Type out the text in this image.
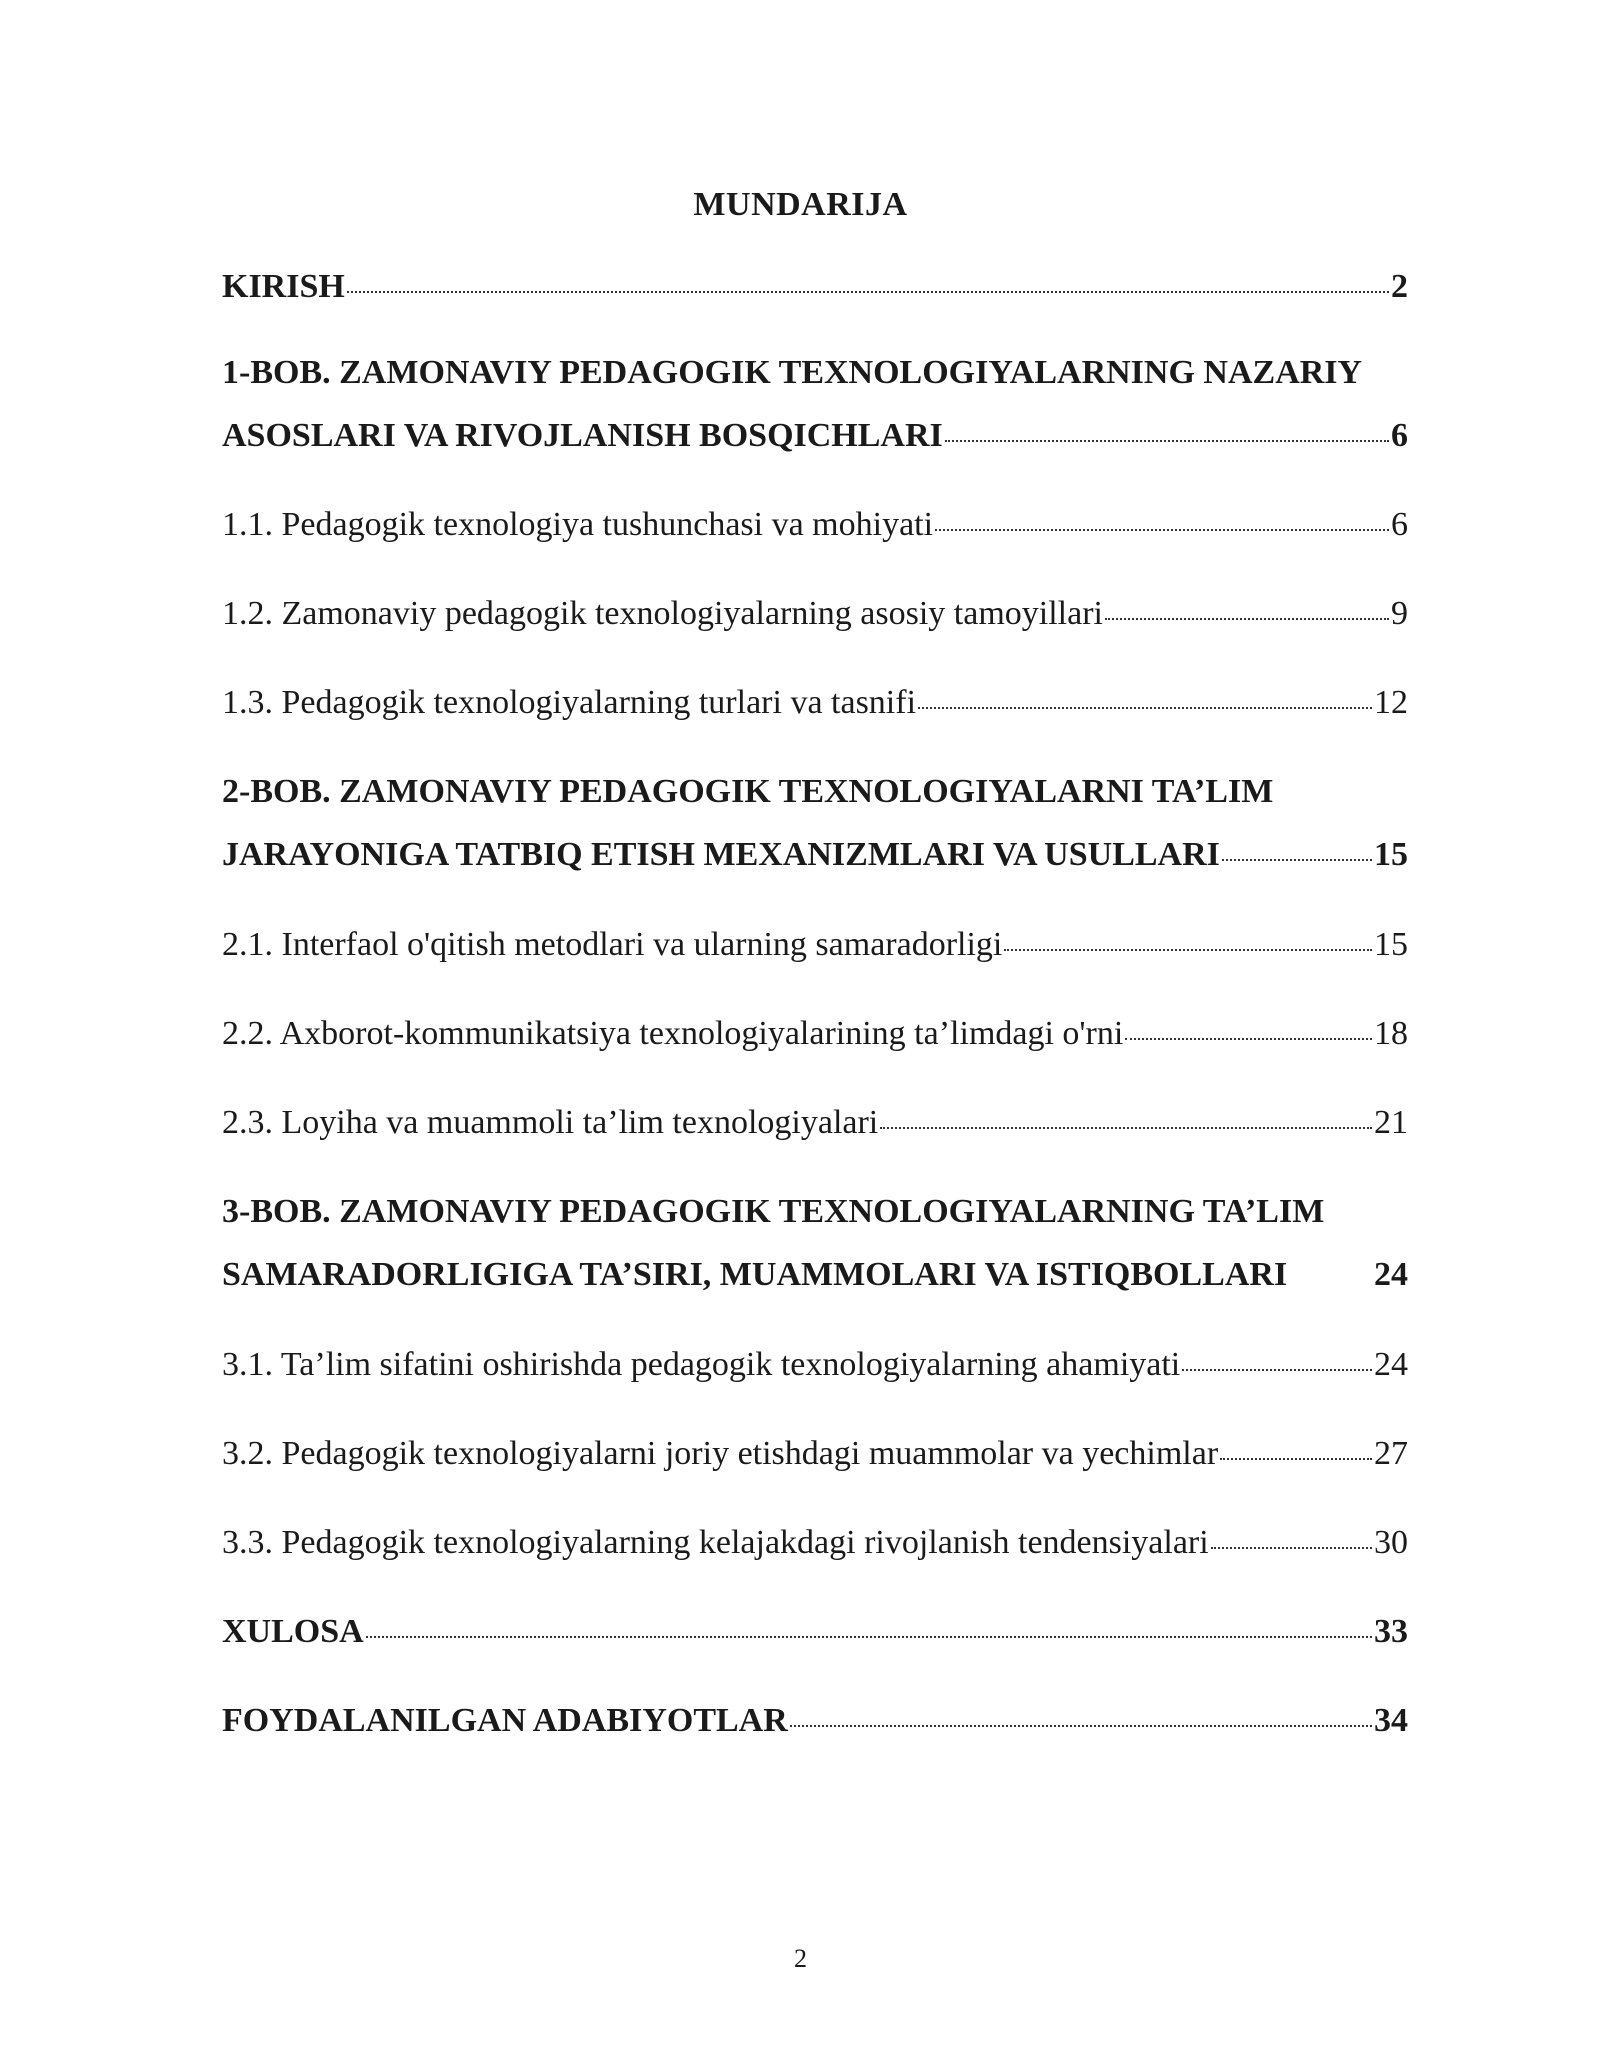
MUNDARIJA
KIRISH	2
1-BOB. ZAMONAVIY PEDAGOGIK TEXNOLOGIYALARNING NAZARIY
ASOSLARI VA RIVOJLANISH BOSQICHLARI	6
1.1. Pedagogik texnologiya tushunchasi va mohiyati	6
1.2. Zamonaviy pedagogik texnologiyalarning asosiy tamoyillari	9
1.3. Pedagogik texnologiyalarning turlari va tasnifi	12
2-BOB. ZAMONAVIY PEDAGOGIK TEXNOLOGIYALARNI TA’LIM
JARAYONIGA TATBIQ ETISH MEXANIZMLARI VA USULLARI	15
2.1. Interfaol o'qitish metodlari va ularning samaradorligi	15
2.2. Axborot-kommunikatsiya texnologiyalarining ta’limdagi o'rni	18
2.3. Loyiha va muammoli ta’lim texnologiyalari	21
3-BOB. ZAMONAVIY PEDAGOGIK TEXNOLOGIYALARNING TA’LIM
SAMARADORLIGIGA TA’SIRI, MUAMMOLARI VA ISTIQBOLLARI	24
3.1. Ta’lim sifatini oshirishda pedagogik texnologiyalarning ahamiyati	24
3.2. Pedagogik texnologiyalarni joriy etishdagi muammolar va yechimlar	27
3.3. Pedagogik texnologiyalarning kelajakdagi rivojlanish tendensiyalari	30
XULOSA	33
FOYDALANILGAN ADABIYOTLAR	34
2
